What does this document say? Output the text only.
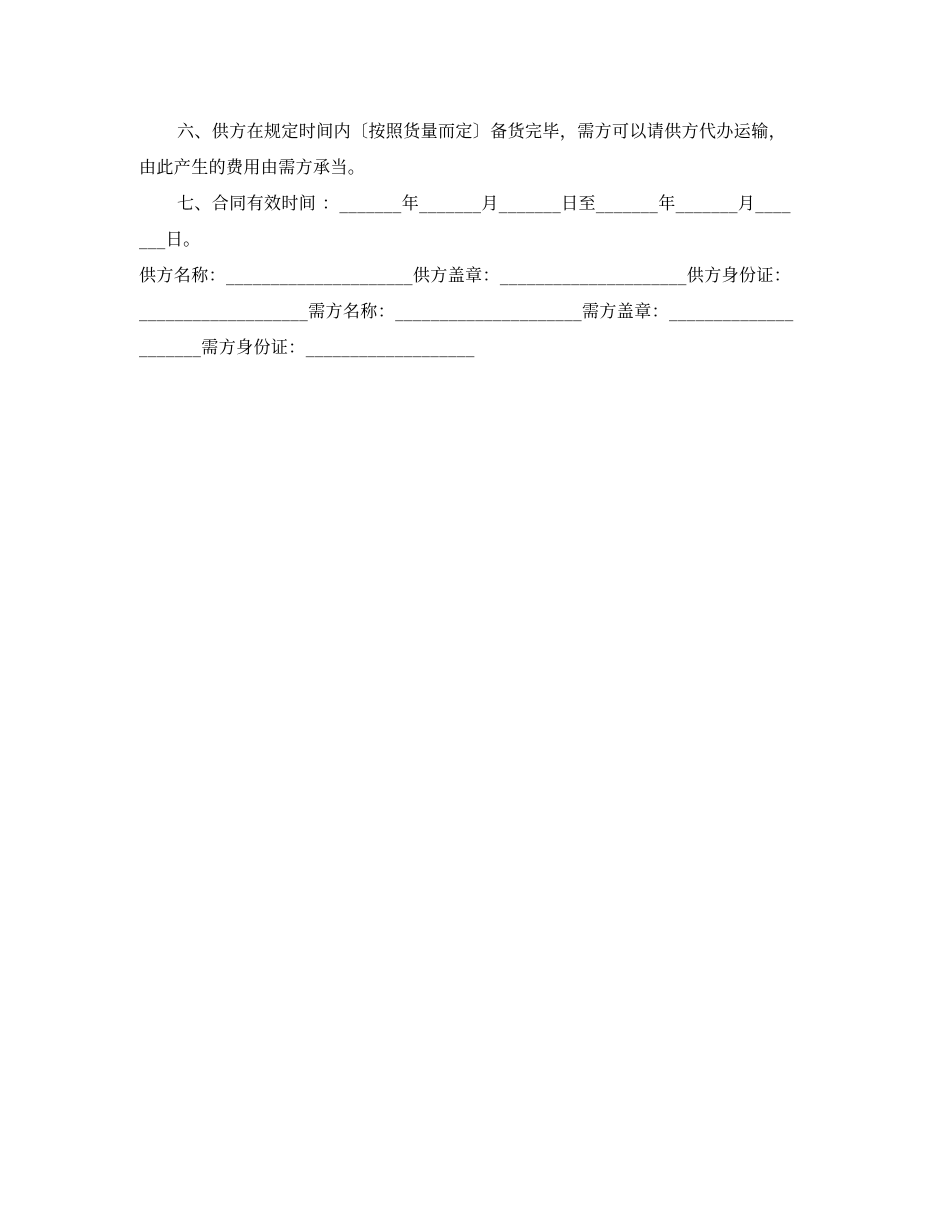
六、供方在规定时间内〔按照货量而定〕备货完毕，需方可以请供方代办运输，由此产生的费用由需方承当。

七、合同有效时间 ：_______年_______月_______日至_______年_______月_______日。

供方名称：_____________________供方盖章：_____________________供方身份证：___________________需方名称：_____________________需方盖章：_____________________需方身份证：___________________
